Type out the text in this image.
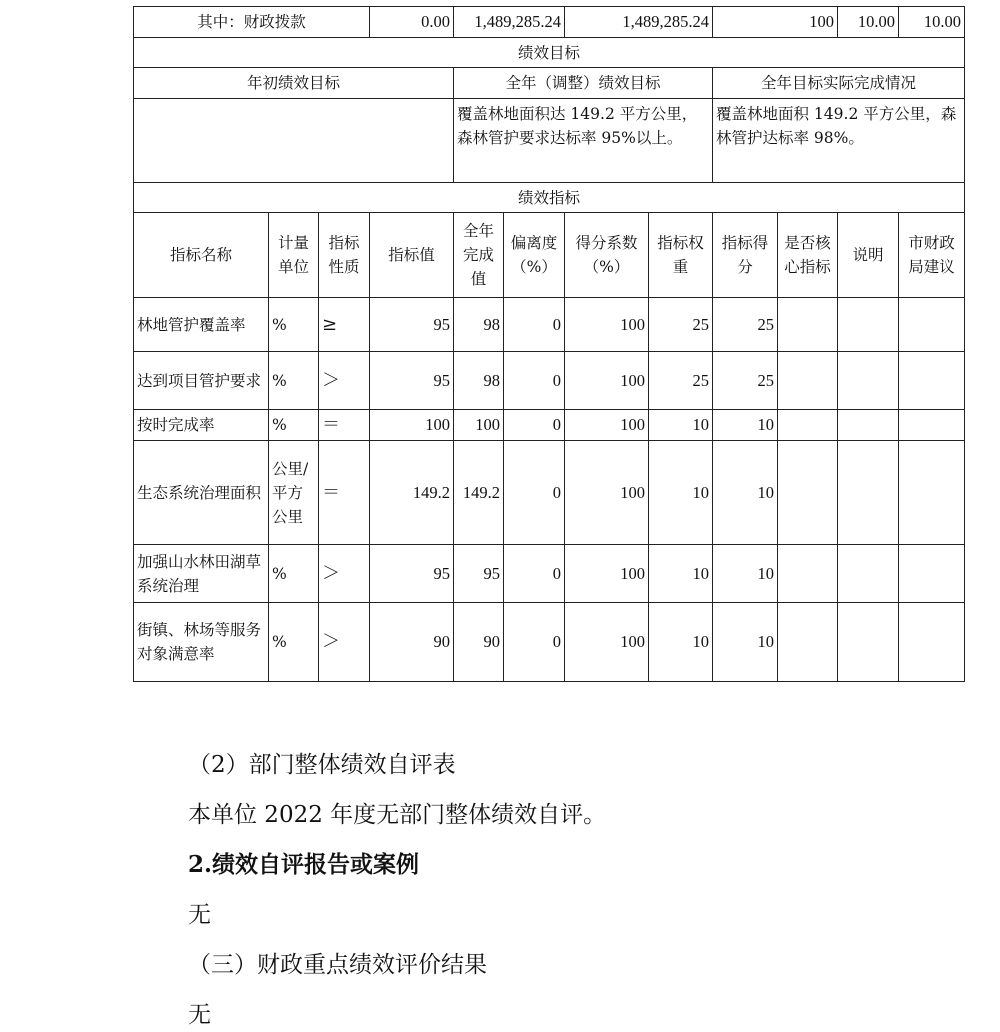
其中：财政拨款			0.00	1,489,285.24		1,489,285.24		100		10.00	10.00
绩效目标											
年初绩效目标				全年（调整）绩效目标				全年目标实际完成情况			
				覆盖林地面积达 149.2 平方公里，森林管护要求达标率 95%以上。				覆盖林地面积 149.2 平方公里，森林管护达标率 98%。			
绩效指标											
指标名称	计量单位	指标性质	指标值	全年完成值	偏离度（%）	得分系数（%）	指标权重	指标得分	是否核心指标	说明	市财政局建议
林地管护覆盖率	%	≥	95	98	0	100	25	25			
达到项目管护要求	%	＞	95	98	0	100	25	25			
按时完成率	%	＝	100	100	0	100	10	10			
生态系统治理面积	公里/平方公里	＝	149.2	149.2	0	100	10	10			
加强山水林田湖草系统治理	%	＞	95	95	0	100	10	10			
街镇、林场等服务对象满意率	%	＞	90	90	0	100	10	10			
（2）部门整体绩效自评表
本单位 2022 年度无部门整体绩效自评。
2.绩效自评报告或案例
无
（三）财政重点绩效评价结果
无
